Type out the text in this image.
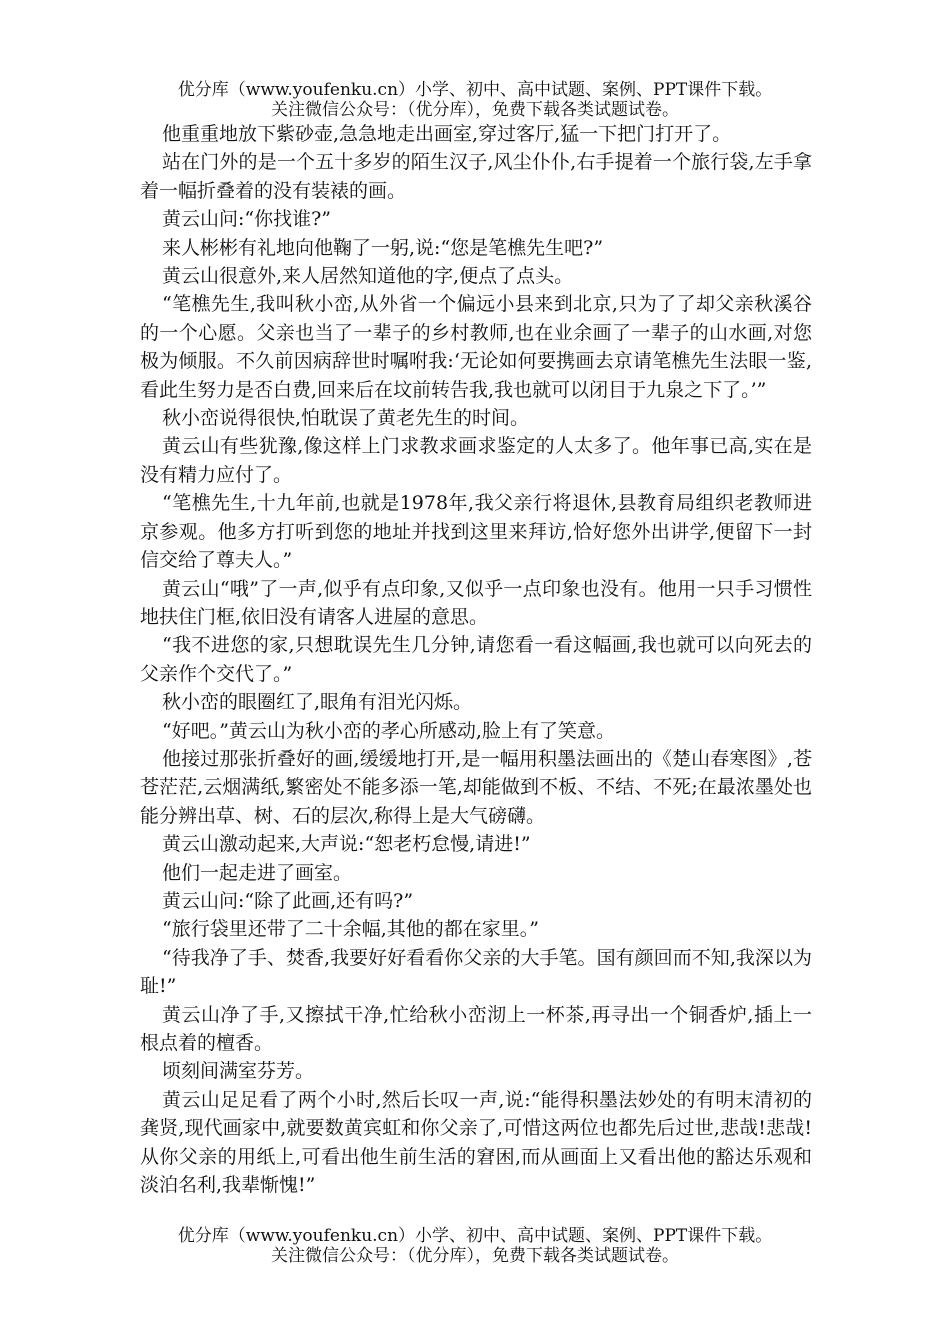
优分库（www.youfenku.cn）小学、初中、高中试题、案例、PPT课件下载。
关注微信公众号：（优分库），免费下载各类试题试卷。

他重重地放下紫砂壶,急急地走出画室,穿过客厅,猛一下把门打开了。

站在门外的是一个五十多岁的陌生汉子,风尘仆仆,右手提着一个旅行袋,左手拿着一幅折叠着的没有装裱的画。

黄云山问:“你找谁?”

来人彬彬有礼地向他鞠了一躬,说:“您是笔樵先生吧?”

黄云山很意外,来人居然知道他的字,便点了点头。

“笔樵先生,我叫秋小峦,从外省一个偏远小县来到北京,只为了了却父亲秋溪谷的一个心愿。父亲也当了一辈子的乡村教师,也在业余画了一辈子的山水画,对您极为倾服。不久前因病辞世时嘱咐我:‘无论如何要携画去京请笔樵先生法眼一鉴,看此生努力是否白费,回来后在坟前转告我,我也就可以闭目于九泉之下了。’”

秋小峦说得很快,怕耽误了黄老先生的时间。

黄云山有些犹豫,像这样上门求教求画求鉴定的人太多了。他年事已高,实在是没有精力应付了。

“笔樵先生,十九年前,也就是1978年,我父亲行将退休,县教育局组织老教师进京参观。他多方打听到您的地址并找到这里来拜访,恰好您外出讲学,便留下一封信交给了尊夫人。”

黄云山“哦”了一声,似乎有点印象,又似乎一点印象也没有。他用一只手习惯性地扶住门框,依旧没有请客人进屋的意思。

“我不进您的家,只想耽误先生几分钟,请您看一看这幅画,我也就可以向死去的父亲作个交代了。”

秋小峦的眼圈红了,眼角有泪光闪烁。

“好吧。”黄云山为秋小峦的孝心所感动,脸上有了笑意。

他接过那张折叠好的画,缓缓地打开,是一幅用积墨法画出的《楚山春寒图》,苍苍茫茫,云烟满纸,繁密处不能多添一笔,却能做到不板、不结、不死;在最浓墨处也能分辨出草、树、石的层次,称得上是大气磅礴。

黄云山激动起来,大声说:“恕老朽怠慢,请进!”

他们一起走进了画室。

黄云山问:“除了此画,还有吗?”

“旅行袋里还带了二十余幅,其他的都在家里。”

“待我净了手、焚香,我要好好看看你父亲的大手笔。国有颜回而不知,我深以为耻!”

黄云山净了手,又擦拭干净,忙给秋小峦沏上一杯茶,再寻出一个铜香炉,插上一根点着的檀香。

顷刻间满室芬芳。

黄云山足足看了两个小时,然后长叹一声,说:“能得积墨法妙处的有明末清初的龚贤,现代画家中,就要数黄宾虹和你父亲了,可惜这两位也都先后过世,悲哉!悲哉!从你父亲的用纸上,可看出他生前生活的窘困,而从画面上又看出他的豁达乐观和淡泊名利,我辈惭愧!”

优分库（www.youfenku.cn）小学、初中、高中试题、案例、PPT课件下载。
关注微信公众号：（优分库），免费下载各类试题试卷。
